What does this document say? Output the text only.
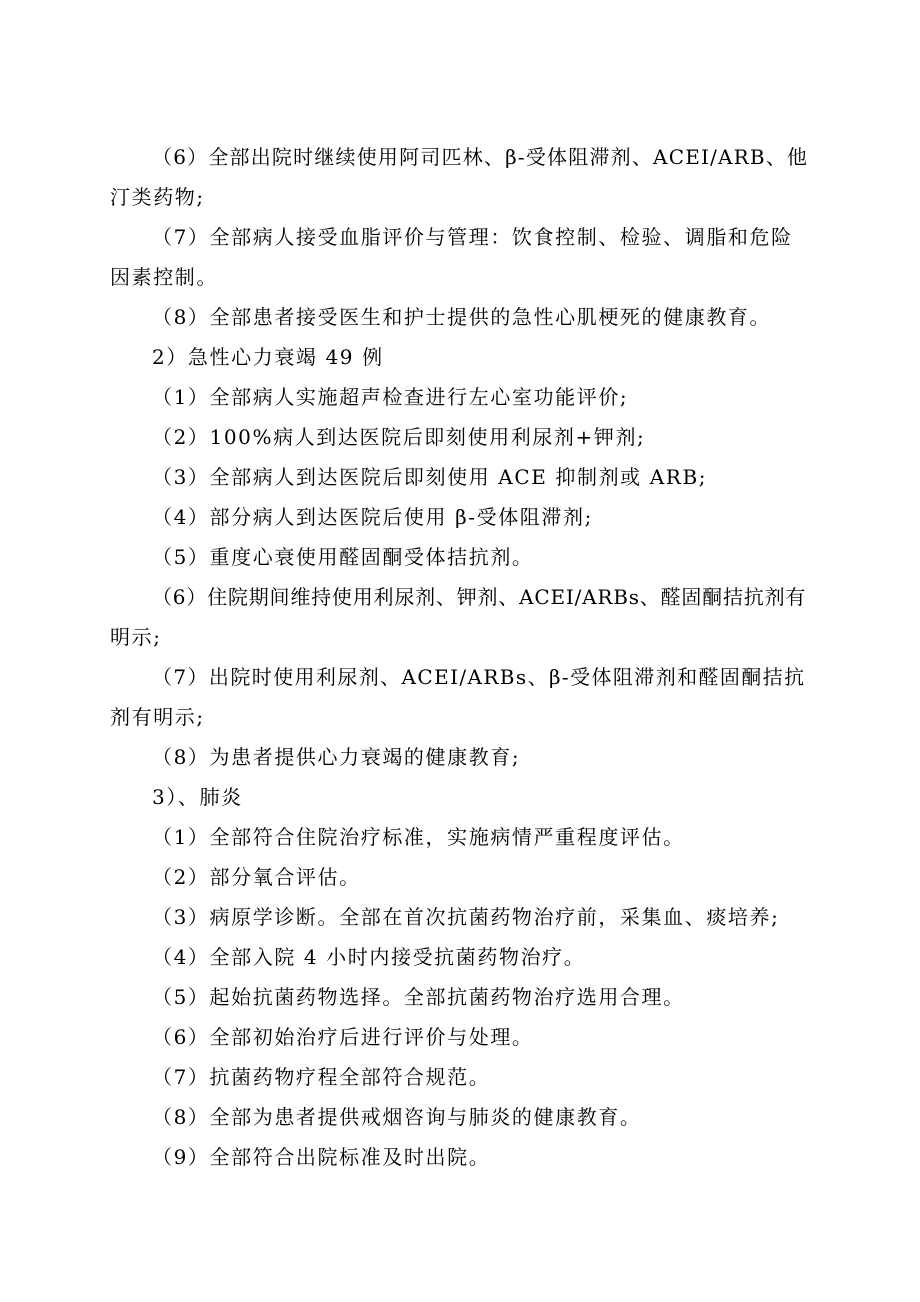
（6）全部出院时继续使用阿司匹林、β-受体阻滞剂、ACEI/ARB、他
汀类药物;
（7）全部病人接受血脂评价与管理：饮食控制、检验、调脂和危险
因素控制。
（8）全部患者接受医生和护士提供的急性心肌梗死的健康教育。
2）急性心力衰竭 49 例
（1）全部病人实施超声检查进行左心室功能评价;
（2）100%病人到达医院后即刻使用利尿剂+钾剂;
（3）全部病人到达医院后即刻使用 ACE 抑制剂或 ARB;
（4）部分病人到达医院后使用 β-受体阻滞剂;
（5）重度心衰使用醛固酮受体拮抗剂。
（6）住院期间维持使用利尿剂、钾剂、ACEI/ARBs、醛固酮拮抗剂有
明示;
（7）出院时使用利尿剂、ACEI/ARBs、β-受体阻滞剂和醛固酮拮抗
剂有明示;
（8）为患者提供心力衰竭的健康教育;
3）、肺炎
（1）全部符合住院治疗标准，实施病情严重程度评估。
（2）部分氧合评估。
（3）病原学诊断。全部在首次抗菌药物治疗前，采集血、痰培养;
（4）全部入院 4 小时内接受抗菌药物治疗。
（5）起始抗菌药物选择。全部抗菌药物治疗选用合理。
（6）全部初始治疗后进行评价与处理。
（7）抗菌药物疗程全部符合规范。
（8）全部为患者提供戒烟咨询与肺炎的健康教育。
（9）全部符合出院标准及时出院。
